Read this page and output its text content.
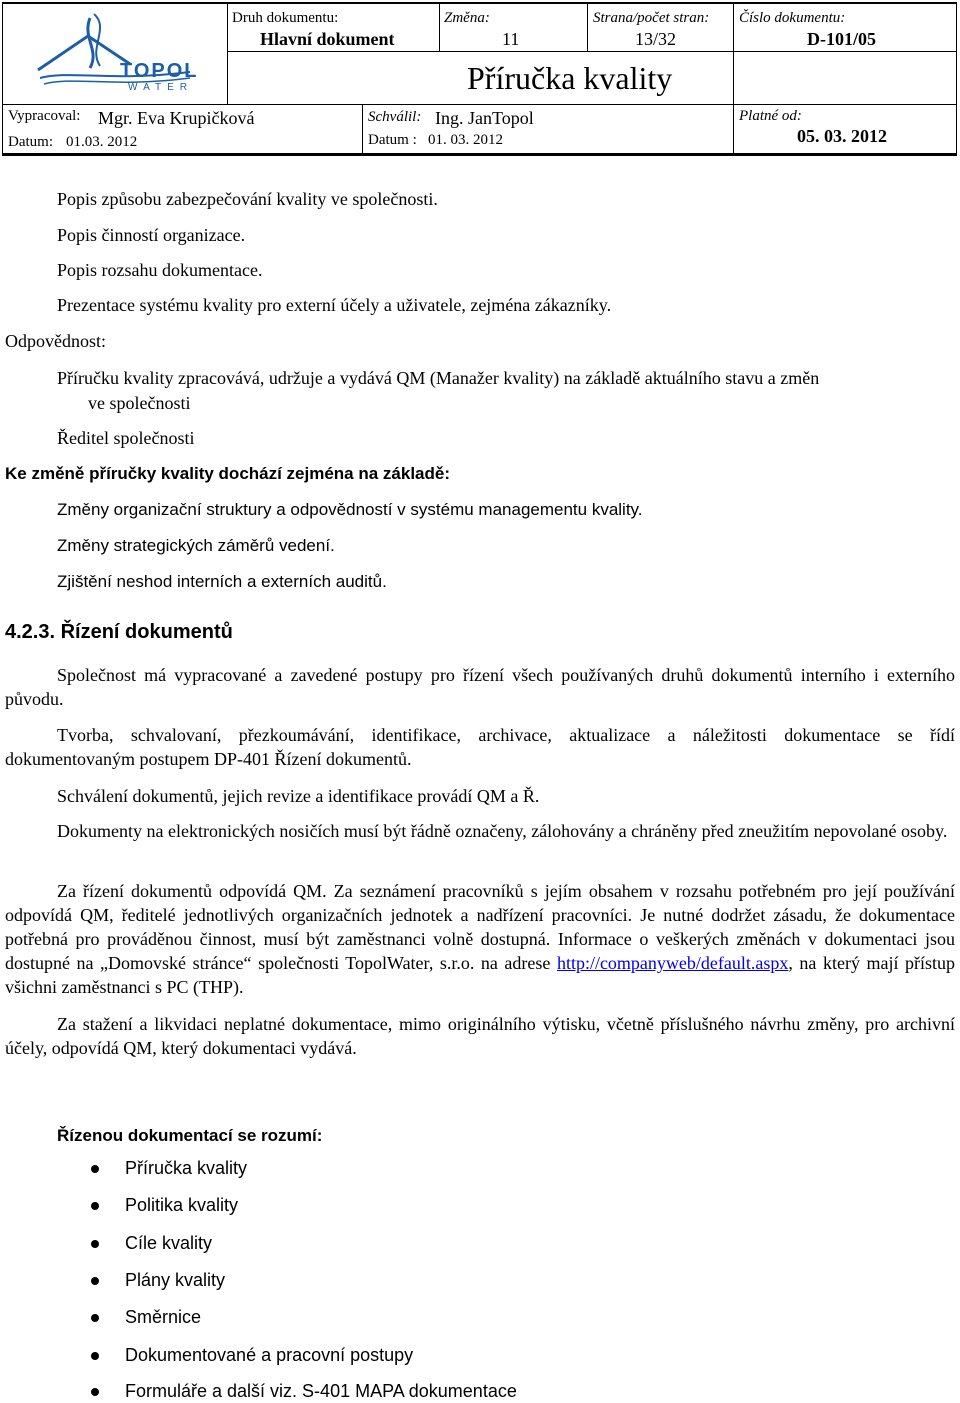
TOPOL
WATER
Druh dokumentu:
Hlavní dokument
Změna:
11
Strana/počet stran:
13/32
Číslo dokumentu:
D-101/05
Příručka kvality
Vypracoval: Mgr. Eva Krupičková
Datum: 01.03. 2012
Schválil: Ing. JanTopol
Datum : 01. 03. 2012
Platné od:
05. 03. 2012
Popis způsobu zabezpečování kvality ve společnosti.
Popis činností organizace.
Popis rozsahu dokumentace.
Prezentace systému kvality pro externí účely a uživatele, zejména zákazníky.
Odpovědnost:
Příručku kvality zpracovává, udržuje a vydává QM (Manažer kvality) na základě aktuálního stavu a změn
ve společnosti
Ředitel společnosti
Ke změně příručky kvality dochází zejména na základě:
Změny organizační struktury a odpovědností v systému managementu kvality.
Změny strategických záměrů vedení.
Zjištění neshod interních a externích auditů.
4.2.3. Řízení dokumentů
Společnost má vypracované a zavedené postupy pro řízení všech používaných druhů dokumentů interního i externího původu.
Tvorba, schvalovaní, přezkoumávání, identifikace, archivace, aktualizace a náležitosti dokumentace se řídí dokumentovaným postupem DP-401 Řízení dokumentů.
Schválení dokumentů, jejich revize a identifikace provádí QM a Ř.
Dokumenty na elektronických nosičích musí být řádně označeny, zálohovány a chráněny před zneužitím nepovolané osoby.
Za řízení dokumentů odpovídá QM. Za seznámení pracovníků s jejím obsahem v rozsahu potřebném pro její používání odpovídá QM, ředitelé jednotlivých organizačních jednotek a nadřízení pracovníci. Je nutné dodržet zásadu, že dokumentace potřebná pro prováděnou činnost, musí být zaměstnanci volně dostupná. Informace o veškerých změnách v dokumentaci jsou dostupné na „Domovské stránce“ společnosti TopolWater, s.r.o. na adrese http://companyweb/default.aspx, na který mají přístup všichni zaměstnanci s PC (THP).
Za stažení a likvidaci neplatné dokumentace, mimo originálního výtisku, včetně příslušného návrhu změny, pro archivní účely, odpovídá QM, který dokumentaci vydává.
Řízenou dokumentací se rozumí:
Příručka kvality
Politika kvality
Cíle kvality
Plány kvality
Směrnice
Dokumentované a pracovní postupy
Formuláře a další viz. S-401 MAPA dokumentace
